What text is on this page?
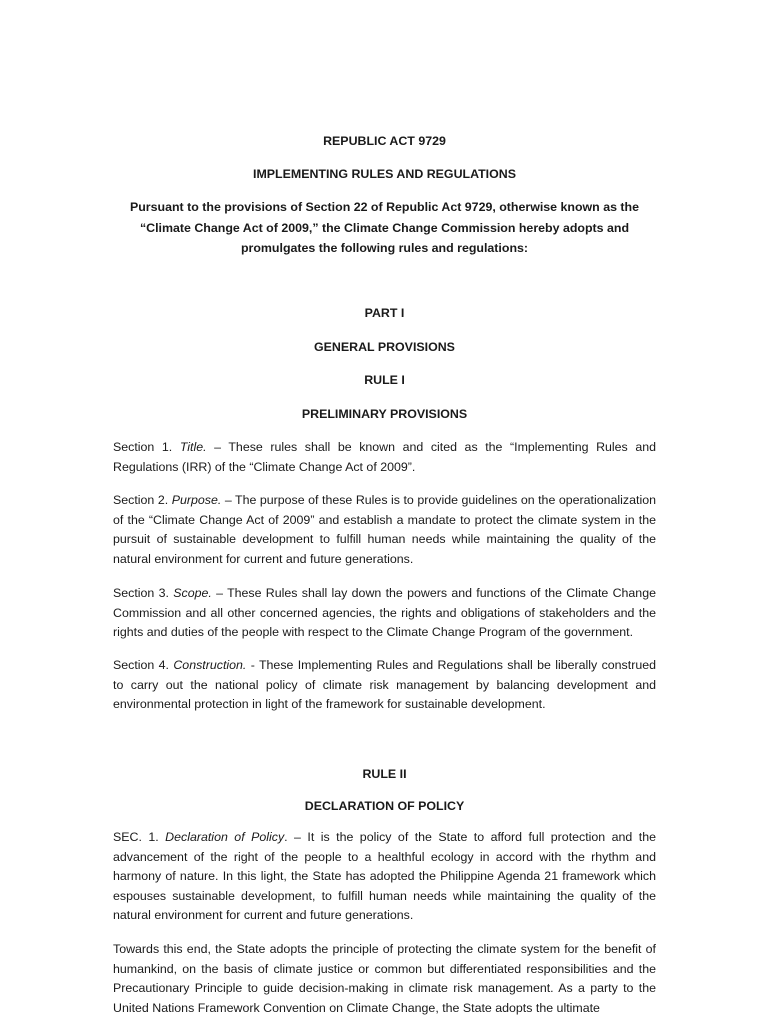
REPUBLIC ACT 9729
IMPLEMENTING RULES AND REGULATIONS

Pursuant to the provisions of Section 22 of Republic Act 9729, otherwise known as the “Climate Change Act of 2009,” the Climate Change Commission hereby adopts and promulgates the following rules and regulations:

PART I
GENERAL PROVISIONS
RULE I
PRELIMINARY PROVISIONS

Section 1. Title. – These rules shall be known and cited as the “Implementing Rules and Regulations (IRR) of the “Climate Change Act of 2009”.

Section 2. Purpose. – The purpose of these Rules is to provide guidelines on the operationalization of the “Climate Change Act of 2009” and establish a mandate to protect the climate system in the pursuit of sustainable development to fulfill human needs while maintaining the quality of the natural environment for current and future generations.

Section 3. Scope. – These Rules shall lay down the powers and functions of the Climate Change Commission and all other concerned agencies, the rights and obligations of stakeholders and the rights and duties of the people with respect to the Climate Change Program of the government.

Section 4. Construction. - These Implementing Rules and Regulations shall be liberally construed to carry out the national policy of climate risk management by balancing development and environmental protection in light of the framework for sustainable development.

RULE II
DECLARATION OF POLICY

SEC. 1. Declaration of Policy. – It is the policy of the State to afford full protection and the advancement of the right of the people to a healthful ecology in accord with the rhythm and harmony of nature. In this light, the State has adopted the Philippine Agenda 21 framework which espouses sustainable development, to fulfill human needs while maintaining the quality of the natural environment for current and future generations.

Towards this end, the State adopts the principle of protecting the climate system for the benefit of humankind, on the basis of climate justice or common but differentiated responsibilities and the Precautionary Principle to guide decision-making in climate risk management. As a party to the United Nations Framework Convention on Climate Change, the State adopts the ultimate
